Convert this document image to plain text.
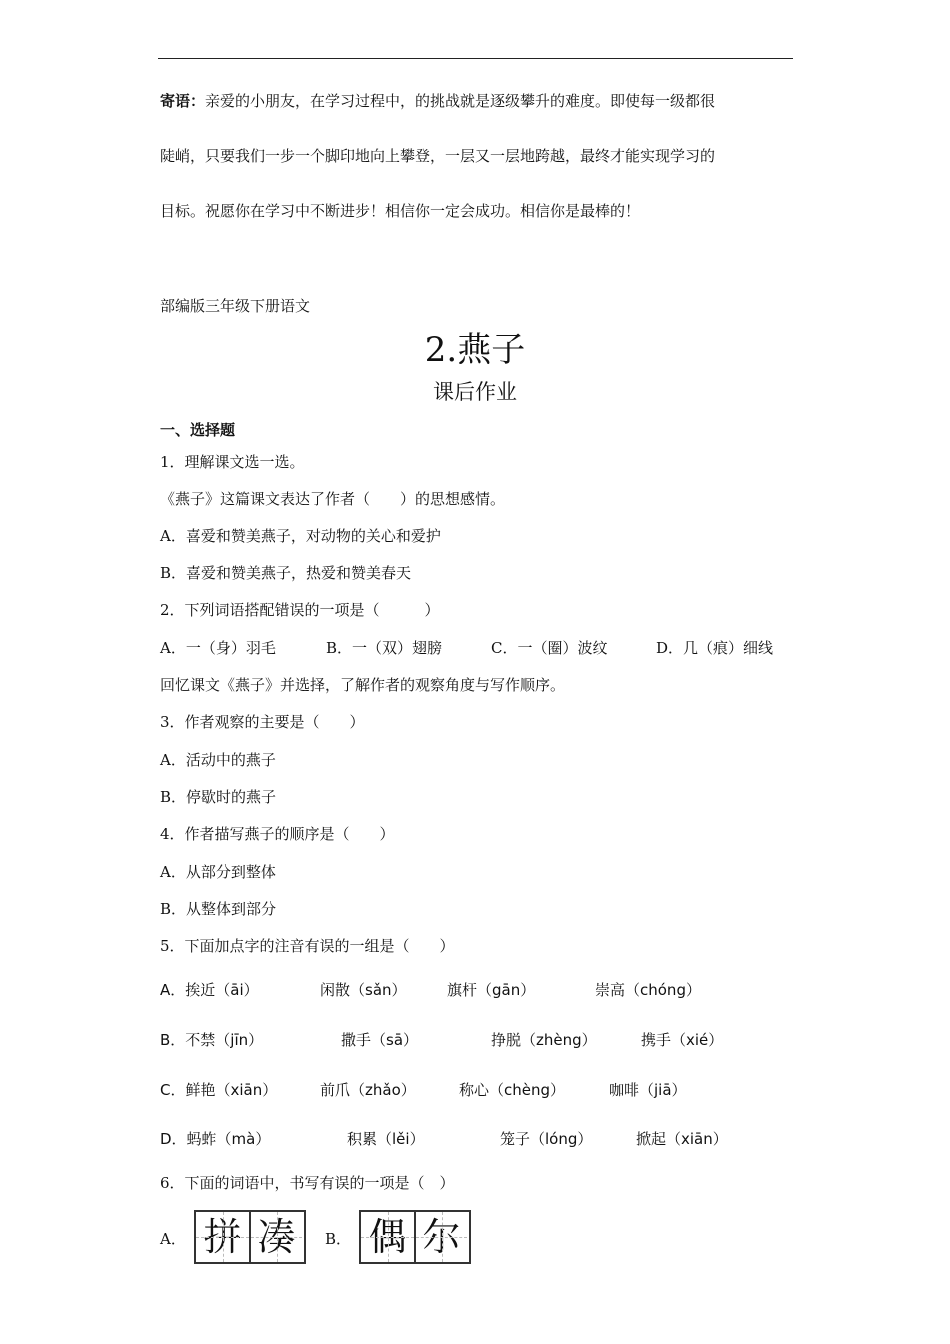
寄语：亲爱的小朋友，在学习过程中，的挑战就是逐级攀升的难度。即使每一级都很
陡峭，只要我们一步一个脚印地向上攀登，一层又一层地跨越，最终才能实现学习的
目标。祝愿你在学习中不断进步！相信你一定会成功。相信你是最棒的！
部编版三年级下册语文
2.燕子
课后作业
一、选择题
1．理解课文选一选。
《燕子》这篇课文表达了作者（　　）的思想感情。
A．喜爱和赞美燕子，对动物的关心和爱护
B．喜爱和赞美燕子，热爱和赞美春天
2．下列词语搭配错误的一项是（　　　）
A．一（身）羽毛	B．一（双）翅膀	C．一（圈）波纹	D．几（痕）细线
回忆课文《燕子》并选择，了解作者的观察角度与写作顺序。
3．作者观察的主要是（　　）
A．活动中的燕子
B．停歇时的燕子
4．作者描写燕子的顺序是（　　）
A．从部分到整体
B．从整体到部分
5．下面加点字的注音有误的一组是（　　）
A．挨近（āi）	闲散（sǎn）	旗杆（gān）	崇高（chóng）
B．不禁（jīn）	撒手（sā）	挣脱（zhèng）	携手（xié）
C．鲜艳（xiān）	前爪（zhǎo）	称心（chèng）	咖啡（jiā）
D．蚂蚱（mà）	积累（lěi）	笼子（lóng）	掀起（xiān）
6．下面的词语中，书写有误的一项是（　）
A． 拼 凑	B． 偶 尔
